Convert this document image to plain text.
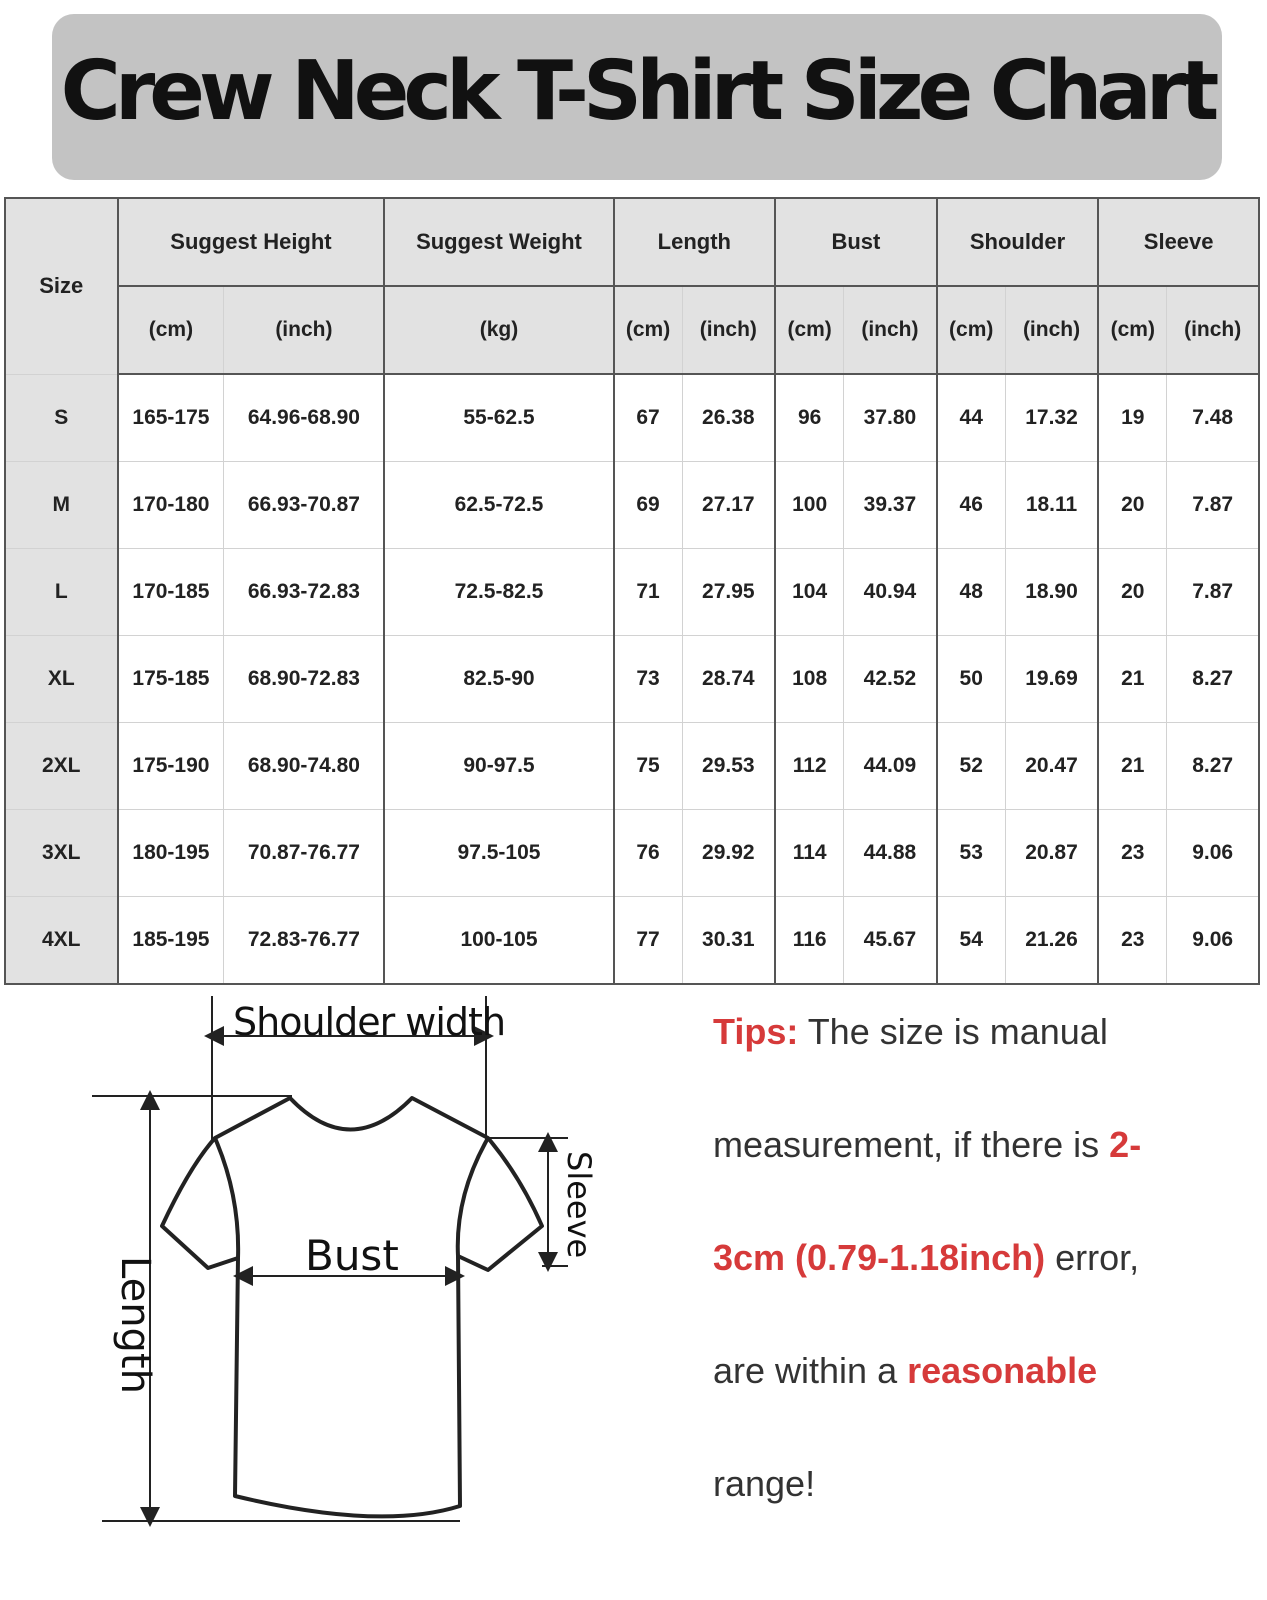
Crew Neck T-Shirt Size Chart
Size	Suggest Height		Suggest Weight	Length		Bust		Shoulder		Sleeve	
	(cm)	(inch)	(kg)	(cm)	(inch)	(cm)	(inch)	(cm)	(inch)	(cm)	(inch)
S	165-175	64.96-68.90	55-62.5	67	26.38	96	37.80	44	17.32	19	7.48
M	170-180	66.93-70.87	62.5-72.5	69	27.17	100	39.37	46	18.11	20	7.87
L	170-185	66.93-72.83	72.5-82.5	71	27.95	104	40.94	48	18.90	20	7.87
XL	175-185	68.90-72.83	82.5-90	73	28.74	108	42.52	50	19.69	21	8.27
2XL	175-190	68.90-74.80	90-97.5	75	29.53	112	44.09	52	20.47	21	8.27
3XL	180-195	70.87-76.77	97.5-105	76	29.92	114	44.88	53	20.87	23	9.06
4XL	185-195	72.83-76.77	100-105	77	30.31	116	45.67	54	21.26	23	9.06
Shoulder width
Bust
Length
Sleeve
Tips: The size is manual
measurement, if there is 2-
3cm (0.79-1.18inch) error,
are within a reasonable
range!
